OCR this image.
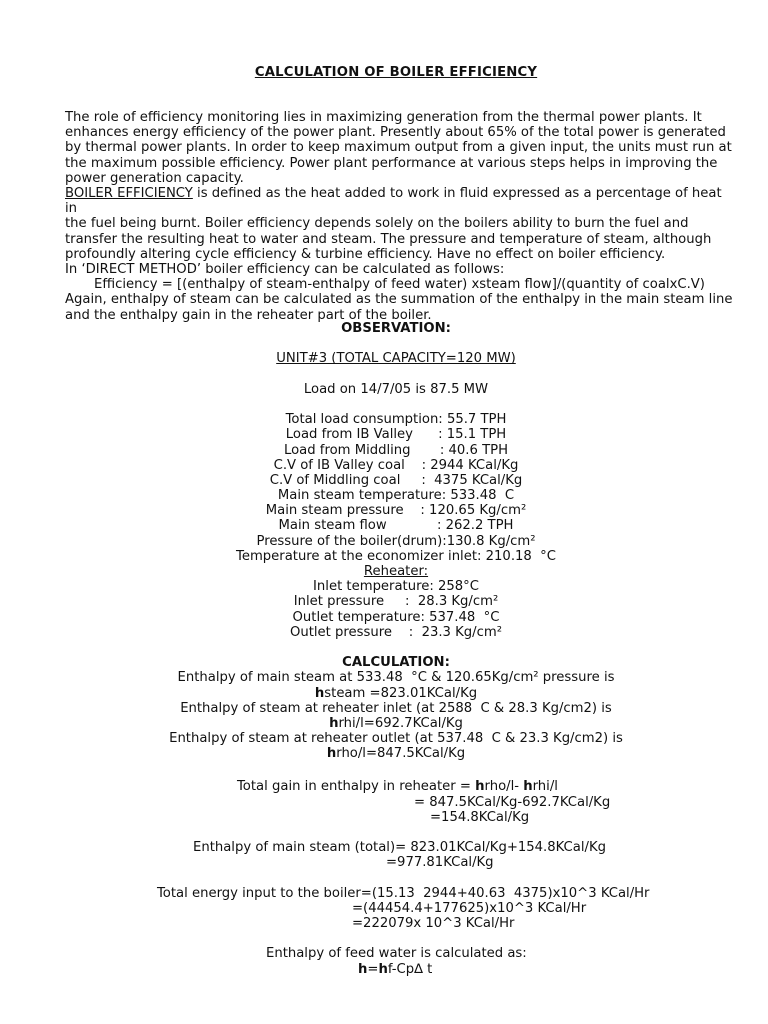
CALCULATION OF BOILER EFFICIENCY

The role of efficiency monitoring lies in maximizing generation from the thermal power plants. It

enhances energy efficiency of the power plant. Presently about 65% of the total power is generated

by thermal power plants. In order to keep maximum output from a given input, the units must run at

the maximum possible efficiency. Power plant performance at various steps helps in improving the

power generation capacity.

BOILER EFFICIENCY is defined as the heat added to work in fluid expressed as a percentage of heat in

the fuel being burnt. Boiler efficiency depends solely on the boilers ability to burn the fuel and

transfer the resulting heat to water and steam. The pressure and temperature of steam, although

profoundly altering cycle efficiency & turbine efficiency. Have no effect on boiler efficiency.

In ‘DIRECT METHOD’ boiler efficiency can be calculated as follows:

Efficiency = [(enthalpy of steam-enthalpy of feed water) xsteam flow]/(quantity of coalxC.V)

Again, enthalpy of steam can be calculated as the summation of the enthalpy in the main steam line

and the enthalpy gain in the reheater part of the boiler.

OBSERVATION:
UNIT#3 (TOTAL CAPACITY=120 MW)
Load on 14/7/05 is 87.5 MW
Total load consumption: 55.7 TPH
Load from IB Valley      : 15.1 TPH
Load from Middling       : 40.6 TPH
C.V of IB Valley coal    : 2944 KCal/Kg
C.V of Middling coal     :  4375 KCal/Kg
Main steam temperature: 533.48  C
Main steam pressure    : 120.65 Kg/cm²
Main steam flow            : 262.2 TPH
Pressure of the boiler(drum):130.8 Kg/cm²
Temperature at the economizer inlet: 210.18  °C
Reheater:
Inlet temperature: 258°C
Inlet pressure     :  28.3 Kg/cm²
Outlet temperature: 537.48  °C
Outlet pressure    :  23.3 Kg/cm²
CALCULATION:
Enthalpy of main steam at 533.48  °C & 120.65Kg/cm² pressure is
hsteam =823.01KCal/Kg
Enthalpy of steam at reheater inlet (at 2588  C & 28.3 Kg/cm2) is
hrhi/l=692.7KCal/Kg
Enthalpy of steam at reheater outlet (at 537.48  C & 23.3 Kg/cm2) is
hrho/l=847.5KCal/Kg
Total gain in enthalpy in reheater = hrho/l- hrhi/l
= 847.5KCal/Kg-692.7KCal/Kg
=154.8KCal/Kg
Enthalpy of main steam (total)= 823.01KCal/Kg+154.8KCal/Kg
=977.81KCal/Kg
Total energy input to the boiler=(15.13  2944+40.63  4375)x10^3 KCal/Hr
=(44454.4+177625)x10^3 KCal/Hr
=222079x 10^3 KCal/Hr
Enthalpy of feed water is calculated as:
h=hf-Cp∆ t
